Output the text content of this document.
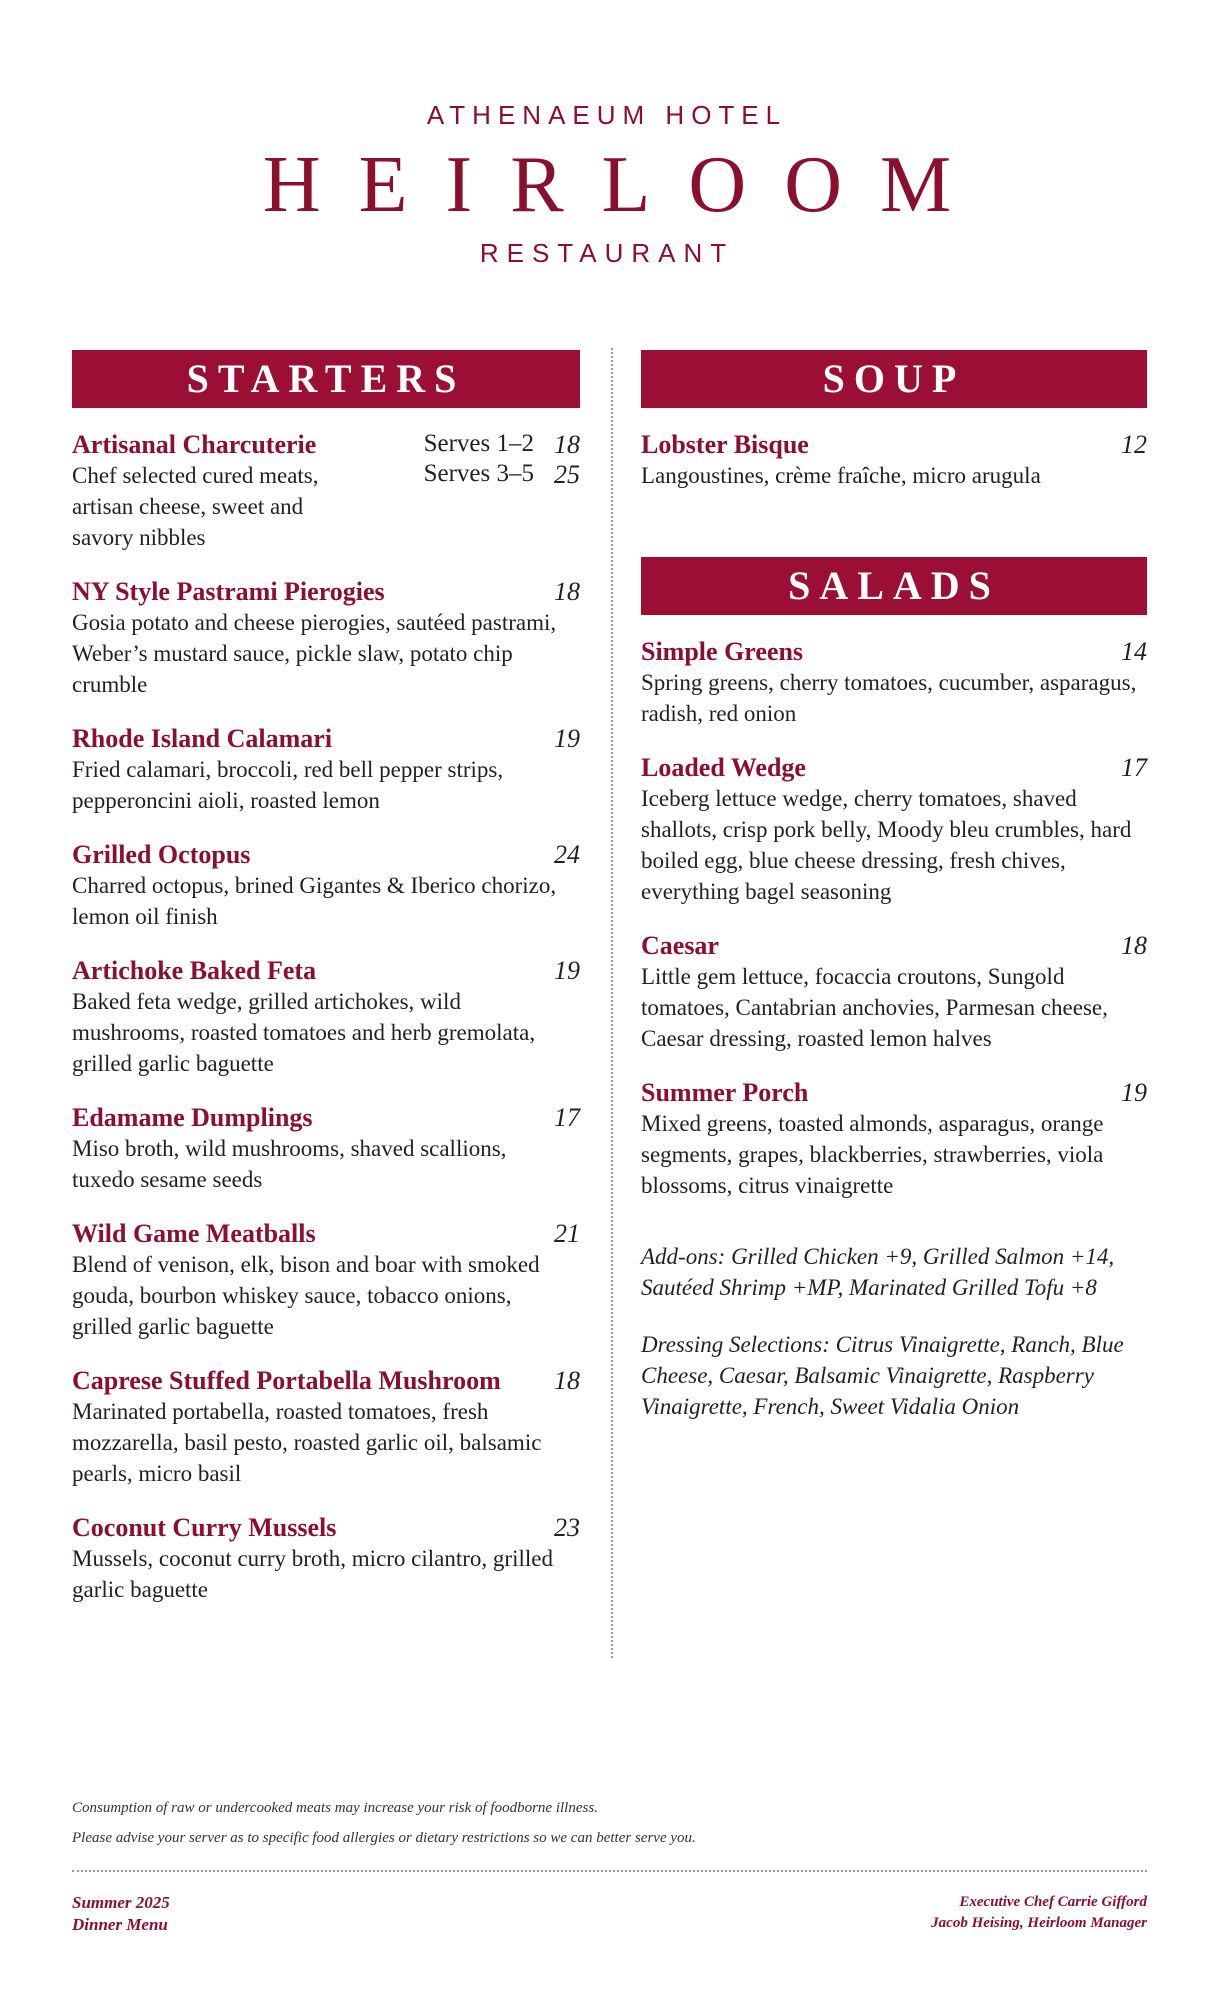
ATHENAEUM HOTEL
HEIRLOOM
RESTAURANT
STARTERS
Artisanal Charcuterie	Serves 1–2 18
Chef selected cured meats, artisan cheese, sweet and savory nibbles
Serves 3–5 25
NY Style Pastrami Pierogies	18
Gosia potato and cheese pierogies, sautéed pastrami, Weber’s mustard sauce, pickle slaw, potato chip crumble
Rhode Island Calamari	19
Fried calamari, broccoli, red bell pepper strips, pepperoncini aioli, roasted lemon
Grilled Octopus	24
Charred octopus, brined Gigantes & Iberico chorizo, lemon oil finish
Artichoke Baked Feta	19
Baked feta wedge, grilled artichokes, wild mushrooms, roasted tomatoes and herb gremolata, grilled garlic baguette
Edamame Dumplings	17
Miso broth, wild mushrooms, shaved scallions, tuxedo sesame seeds
Wild Game Meatballs	21
Blend of venison, elk, bison and boar with smoked gouda, bourbon whiskey sauce, tobacco onions, grilled garlic baguette
Caprese Stuffed Portabella Mushroom 18
Marinated portabella, roasted tomatoes, fresh mozzarella, basil pesto, roasted garlic oil, balsamic pearls, micro basil
Coconut Curry Mussels	23
Mussels, coconut curry broth, micro cilantro, grilled garlic baguette
SOUP
Lobster Bisque	12
Langoustines, crème fraîche, micro arugula
SALADS
Simple Greens	14
Spring greens, cherry tomatoes, cucumber, asparagus, radish, red onion
Loaded Wedge	17
Iceberg lettuce wedge, cherry tomatoes, shaved shallots, crisp pork belly, Moody bleu crumbles, hard boiled egg, blue cheese dressing, fresh chives, everything bagel seasoning
Caesar	18
Little gem lettuce, focaccia croutons, Sungold tomatoes, Cantabrian anchovies, Parmesan cheese, Caesar dressing, roasted lemon halves
Summer Porch	19
Mixed greens, toasted almonds, asparagus, orange segments, grapes, blackberries, strawberries, viola blossoms, citrus vinaigrette
Add-ons: Grilled Chicken +9, Grilled Salmon +14, Sautéed Shrimp +MP, Marinated Grilled Tofu +8
Dressing Selections: Citrus Vinaigrette, Ranch, Blue Cheese, Caesar, Balsamic Vinaigrette, Raspberry Vinaigrette, French, Sweet Vidalia Onion
Consumption of raw or undercooked meats may increase your risk of foodborne illness.
Please advise your server as to specific food allergies or dietary restrictions so we can better serve you.
Summer 2025
Dinner Menu
Executive Chef Carrie Gifford
Jacob Heising, Heirloom Manager
